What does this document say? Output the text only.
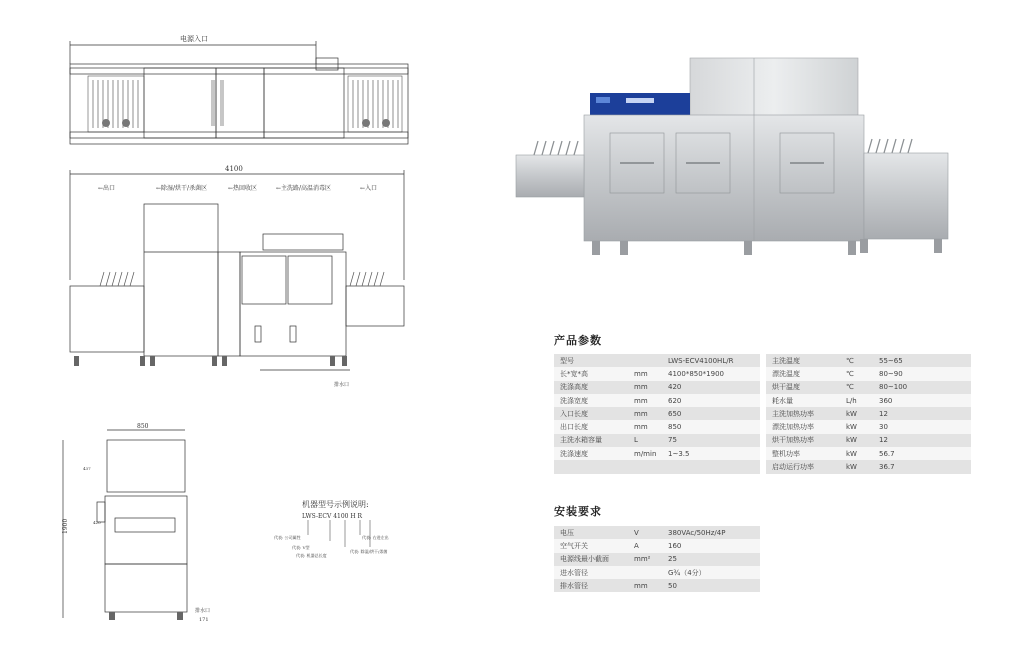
电源入口
4100
←出口	←除湿/烘干/杀菌区	←热回收区	←主洗路/高温消毒区	←入口
排水口
850
1900
437
420
排水口
171
机器型号示例说明:
LWS-ECV 4100 H R
代表: 公司属性
代表: V型
代表: 机器总长度
代表: 右进左出
代表: 除湿/烘干/杀菌
产品参数
型号		LWS-ECV4100HL/R		主洗温度	℃	55~65
长*宽*高	mm	4100*850*1900		漂洗温度	℃	80~90
洗涤高度	mm	420		烘干温度	℃	80~100
洗涤宽度	mm	620		耗水量	L/h	360
入口长度	mm	650		主洗加热功率	kW	12
出口长度	mm	850		漂洗加热功率	kW	30
主洗水箱容量	L	75		烘干加热功率	kW	12
洗涤速度	m/min	1~3.5		整机功率	kW	56.7
				启动运行功率	kW	36.7
安装要求
电压	V	380VAc/50Hz/4P
空气开关	A	160
电源线最小截面	mm²	25
进水管径		G¾（4分）
排水管径	mm	50
